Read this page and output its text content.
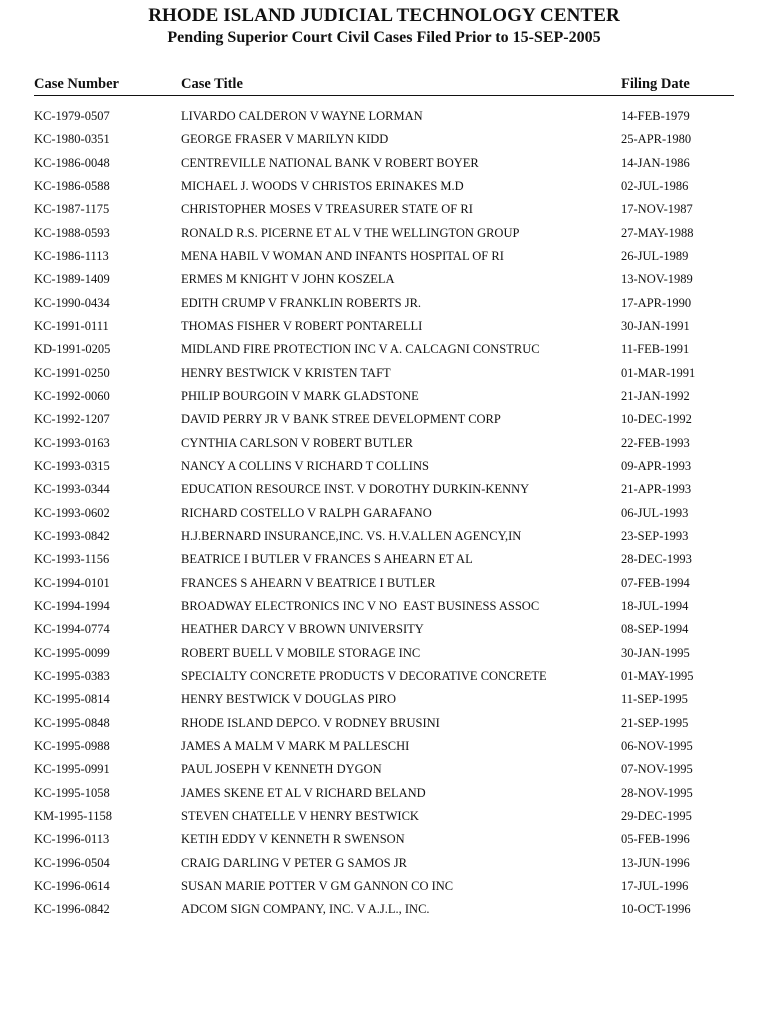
RHODE ISLAND JUDICIAL TECHNOLOGY CENTER
Pending Superior Court Civil Cases Filed Prior to 15-SEP-2005
Case Number	Case Title	Filing Date
KC-1979-0507	LIVARDO CALDERON V WAYNE LORMAN	14-FEB-1979
KC-1980-0351	GEORGE FRASER V MARILYN KIDD	25-APR-1980
KC-1986-0048	CENTREVILLE NATIONAL BANK V ROBERT BOYER	14-JAN-1986
KC-1986-0588	MICHAEL J. WOODS V CHRISTOS ERINAKES M.D	02-JUL-1986
KC-1987-1175	CHRISTOPHER MOSES V TREASURER STATE OF RI	17-NOV-1987
KC-1988-0593	RONALD R.S. PICERNE ET AL V THE WELLINGTON GROUP	27-MAY-1988
KC-1986-1113	MENA HABIL V WOMAN AND INFANTS HOSPITAL OF RI	26-JUL-1989
KC-1989-1409	ERMES M KNIGHT V JOHN KOSZELA	13-NOV-1989
KC-1990-0434	EDITH CRUMP V FRANKLIN ROBERTS JR.	17-APR-1990
KC-1991-0111	THOMAS FISHER V ROBERT PONTARELLI	30-JAN-1991
KD-1991-0205	MIDLAND FIRE PROTECTION INC V A. CALCAGNI CONSTRUC	11-FEB-1991
KC-1991-0250	HENRY BESTWICK V KRISTEN TAFT	01-MAR-1991
KC-1992-0060	PHILIP BOURGOIN V MARK GLADSTONE	21-JAN-1992
KC-1992-1207	DAVID PERRY JR V BANK STREE DEVELOPMENT CORP	10-DEC-1992
KC-1993-0163	CYNTHIA CARLSON V ROBERT BUTLER	22-FEB-1993
KC-1993-0315	NANCY A COLLINS V RICHARD T COLLINS	09-APR-1993
KC-1993-0344	EDUCATION RESOURCE INST. V DOROTHY DURKIN-KENNY	21-APR-1993
KC-1993-0602	RICHARD COSTELLO V RALPH GARAFANO	06-JUL-1993
KC-1993-0842	H.J.BERNARD INSURANCE,INC. VS. H.V.ALLEN AGENCY,IN	23-SEP-1993
KC-1993-1156	BEATRICE I BUTLER V FRANCES S AHEARN ET AL	28-DEC-1993
KC-1994-0101	FRANCES S AHEARN V BEATRICE I BUTLER	07-FEB-1994
KC-1994-1994	BROADWAY ELECTRONICS INC V NO  EAST BUSINESS ASSOC	18-JUL-1994
KC-1994-0774	HEATHER DARCY V BROWN UNIVERSITY	08-SEP-1994
KC-1995-0099	ROBERT BUELL V MOBILE STORAGE INC	30-JAN-1995
KC-1995-0383	SPECIALTY CONCRETE PRODUCTS V DECORATIVE CONCRETE	01-MAY-1995
KC-1995-0814	HENRY BESTWICK V DOUGLAS PIRO	11-SEP-1995
KC-1995-0848	RHODE ISLAND DEPCO. V RODNEY BRUSINI	21-SEP-1995
KC-1995-0988	JAMES A MALM V MARK M PALLESCHI	06-NOV-1995
KC-1995-0991	PAUL JOSEPH V KENNETH DYGON	07-NOV-1995
KC-1995-1058	JAMES SKENE ET AL V RICHARD BELAND	28-NOV-1995
KM-1995-1158	STEVEN CHATELLE V HENRY BESTWICK	29-DEC-1995
KC-1996-0113	KETIH EDDY V KENNETH R SWENSON	05-FEB-1996
KC-1996-0504	CRAIG DARLING V PETER G SAMOS JR	13-JUN-1996
KC-1996-0614	SUSAN MARIE POTTER V GM GANNON CO INC	17-JUL-1996
KC-1996-0842	ADCOM SIGN COMPANY, INC. V A.J.L., INC.	10-OCT-1996
